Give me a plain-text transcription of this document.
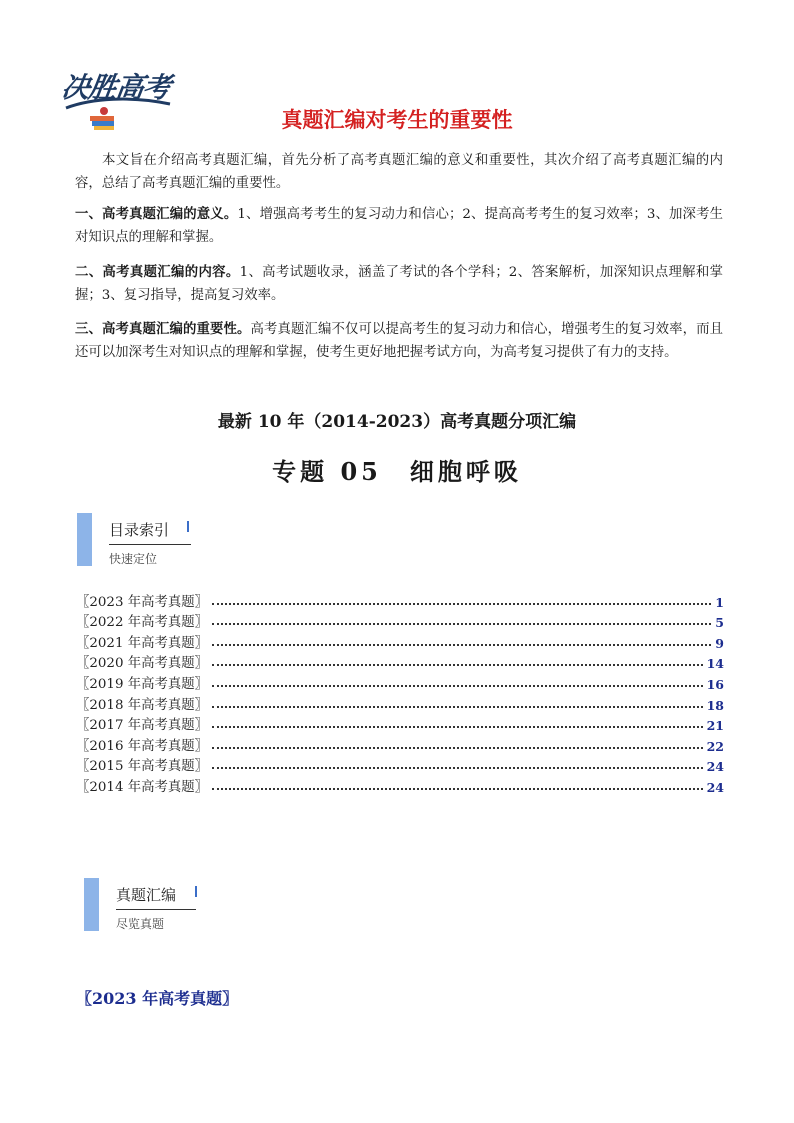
决胜高考
真题汇编对考生的重要性
本文旨在介绍高考真题汇编，首先分析了高考真题汇编的意义和重要性，其次介绍了高考真题汇编的内容，总结了高考真题汇编的重要性。
一、高考真题汇编的意义。1、增强高考考生的复习动力和信心；2、提高高考考生的复习效率；3、加深考生对知识点的理解和掌握。
二、高考真题汇编的内容。1、高考试题收录，涵盖了考试的各个学科；2、答案解析，加深知识点理解和掌握；3、复习指导，提高复习效率。
三、高考真题汇编的重要性。高考真题汇编不仅可以提高考生的复习动力和信心，增强考生的复习效率，而且还可以加深考生对知识点的理解和掌握，使考生更好地把握考试方向，为高考复习提供了有力的支持。
最新 10 年（2014-2023）高考真题分项汇编
专题 05　细胞呼吸
目录索引
快速定位
〖2023 年高考真题〗	1
〖2022 年高考真题〗	5
〖2021 年高考真题〗	9
〖2020 年高考真题〗	14
〖2019 年高考真题〗	16
〖2018 年高考真题〗	18
〖2017 年高考真题〗	21
〖2016 年高考真题〗	22
〖2015 年高考真题〗	24
〖2014 年高考真题〗	24
真题汇编
尽览真题
〖2023 年高考真题〗
